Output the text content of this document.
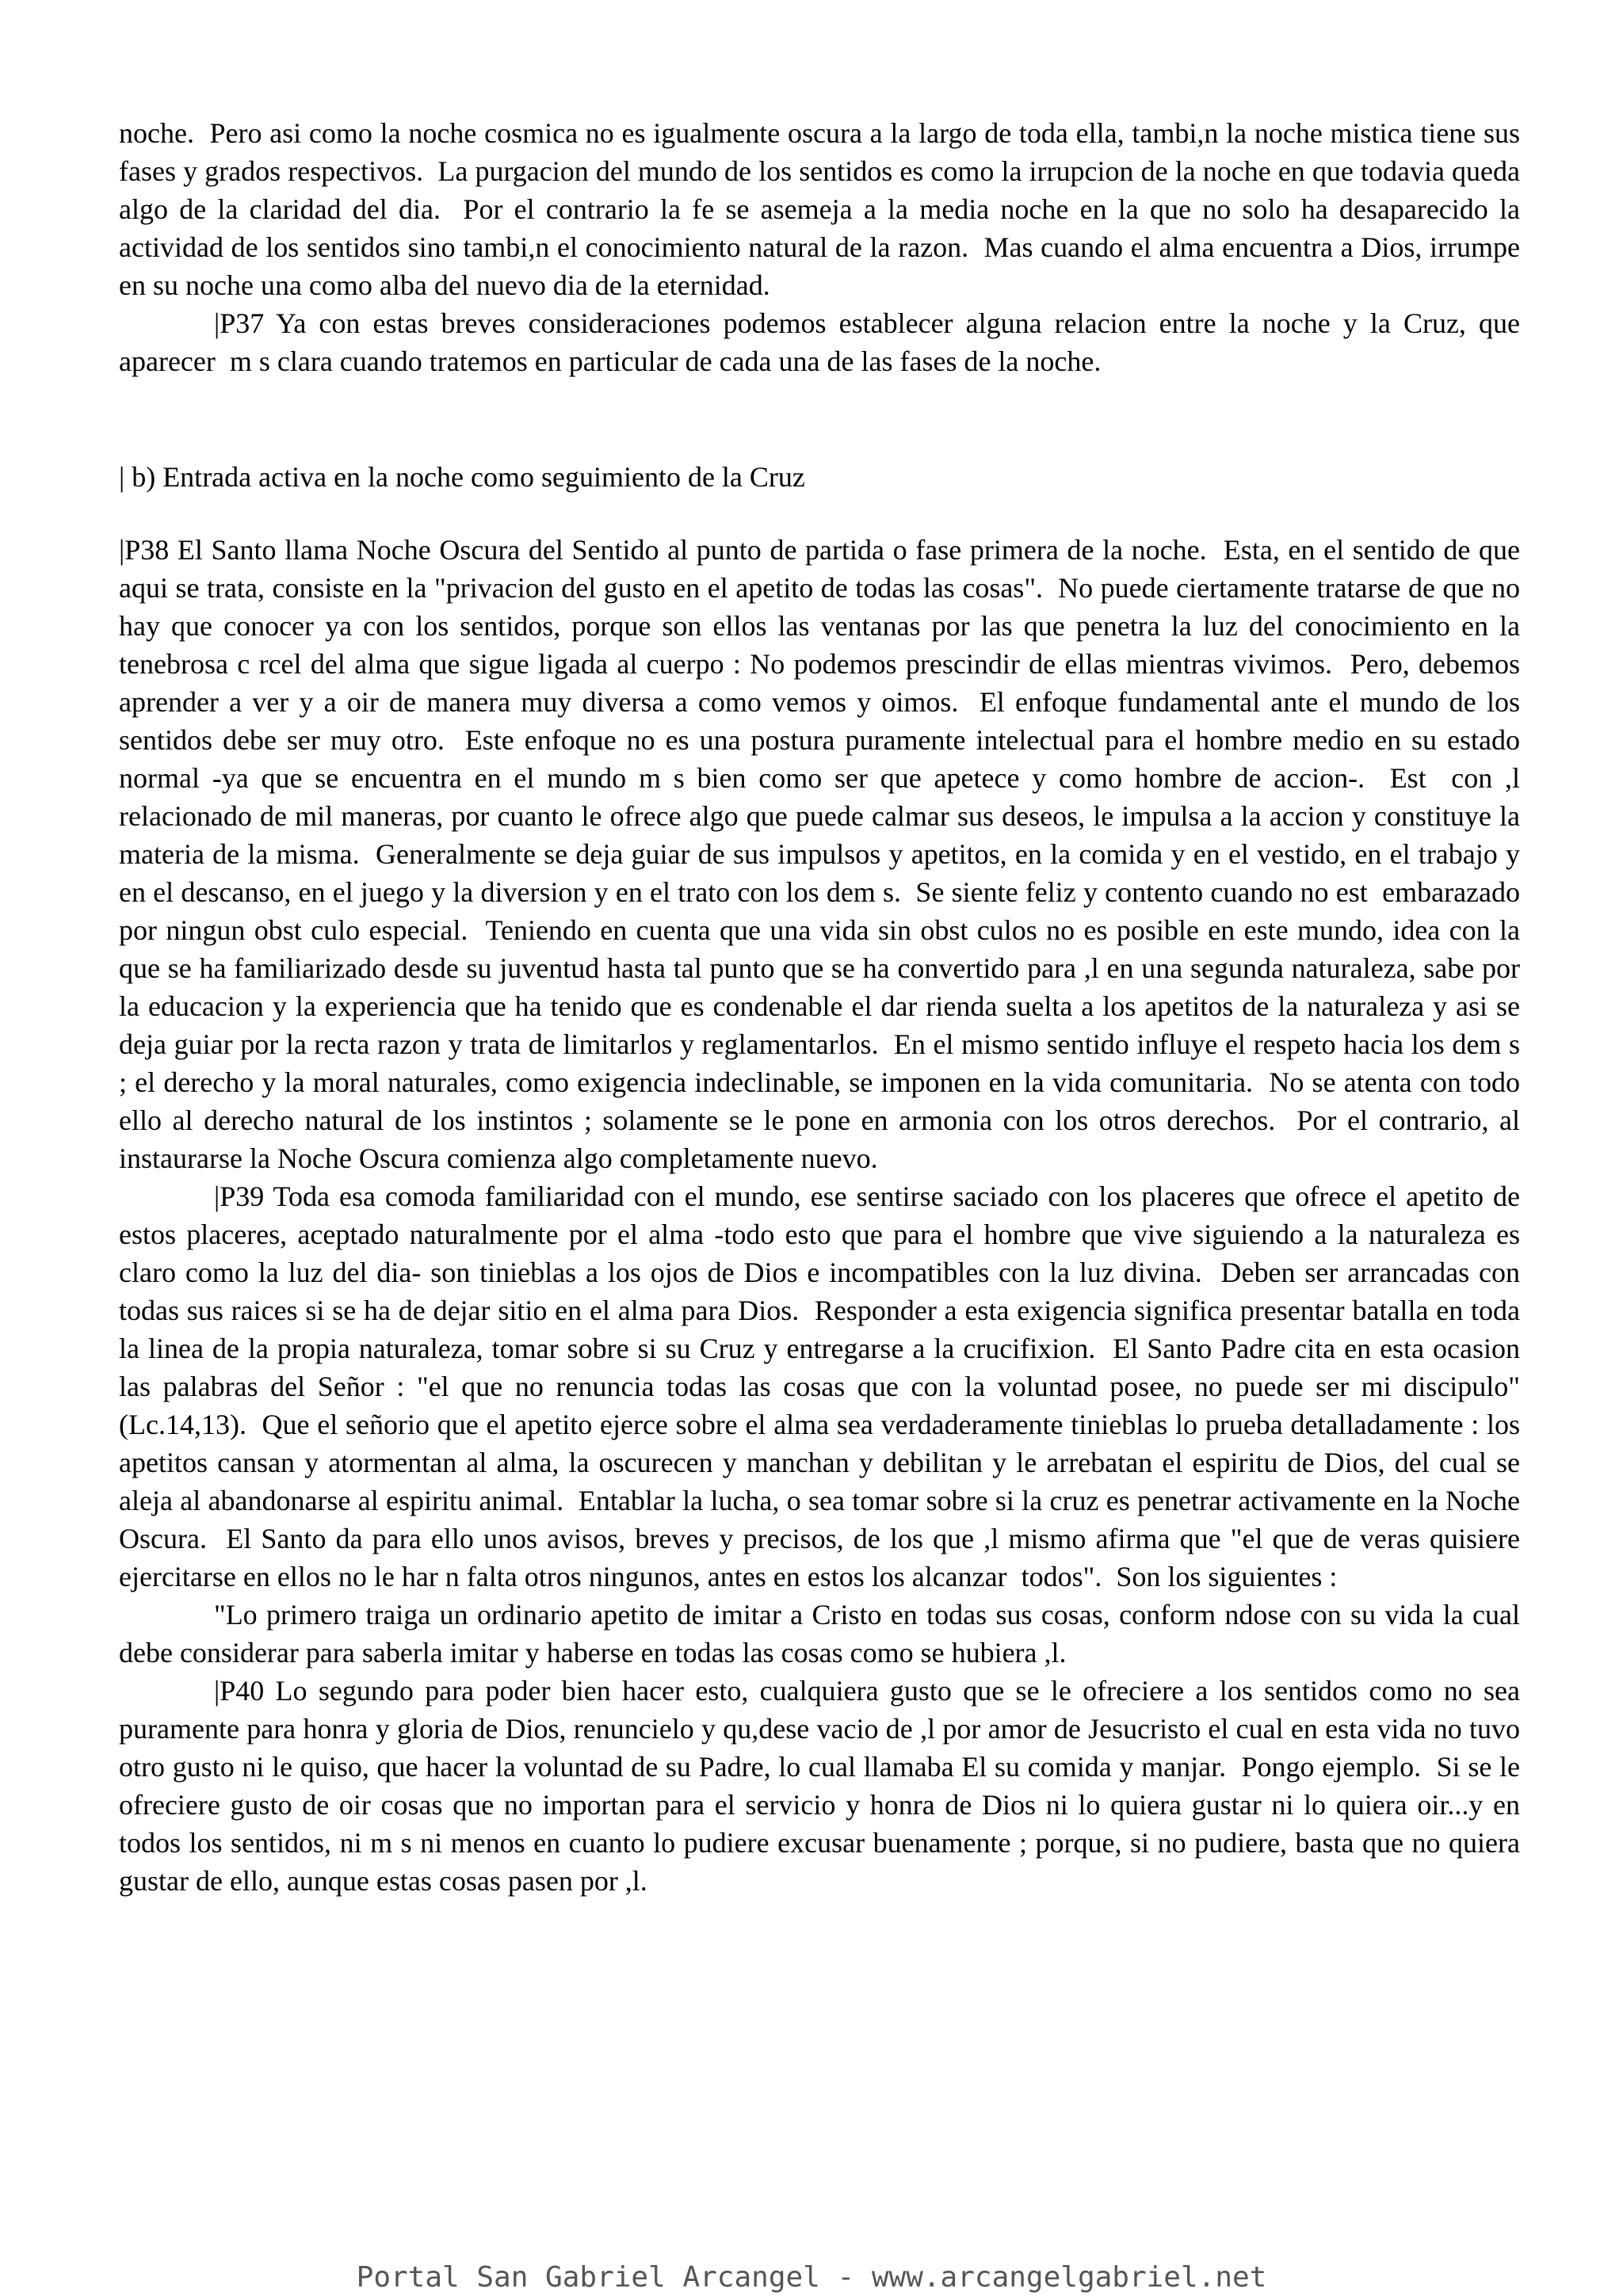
noche.  Pero asi como la noche cosmica no es igualmente oscura a la largo de toda ella, tambi,n la noche mistica tiene sus fases y grados respectivos.  La purgacion del mundo de los sentidos es como la irrupcion de la noche en que todavia queda algo de la claridad del dia.  Por el contrario la fe se asemeja a la media noche en la que no solo ha desaparecido la actividad de los sentidos sino tambi,n el conocimiento natural de la razon.  Mas cuando el alma encuentra a Dios, irrumpe en su noche una como alba del nuevo dia de la eternidad.

|P37 Ya con estas breves consideraciones podemos establecer alguna relacion entre la noche y la Cruz, que aparecer  m s clara cuando tratemos en particular de cada una de las fases de la noche.

| b) Entrada activa en la noche como seguimiento de la Cruz

|P38 El Santo llama Noche Oscura del Sentido al punto de partida o fase primera de la noche.  Esta, en el sentido de que aqui se trata, consiste en la "privacion del gusto en el apetito de todas las cosas".  No puede ciertamente tratarse de que no hay que conocer ya con los sentidos, porque son ellos las ventanas por las que penetra la luz del conocimiento en la tenebrosa c rcel del alma que sigue ligada al cuerpo : No podemos prescindir de ellas mientras vivimos.  Pero, debemos aprender a ver y a oir de manera muy diversa a como vemos y oimos.  El enfoque fundamental ante el mundo de los sentidos debe ser muy otro.  Este enfoque no es una postura puramente intelectual para el hombre medio en su estado normal -ya que se encuentra en el mundo m s bien como ser que apetece y como hombre de accion-.  Est  con ,l relacionado de mil maneras, por cuanto le ofrece algo que puede calmar sus deseos, le impulsa a la accion y constituye la materia de la misma.  Generalmente se deja guiar de sus impulsos y apetitos, en la comida y en el vestido, en el trabajo y en el descanso, en el juego y la diversion y en el trato con los dem s.  Se siente feliz y contento cuando no est  embarazado por ningun obst culo especial.  Teniendo en cuenta que una vida sin obst culos no es posible en este mundo, idea con la que se ha familiarizado desde su juventud hasta tal punto que se ha convertido para ,l en una segunda naturaleza, sabe por la educacion y la experiencia que ha tenido que es condenable el dar rienda suelta a los apetitos de la naturaleza y asi se deja guiar por la recta razon y trata de limitarlos y reglamentarlos.  En el mismo sentido influye el respeto hacia los dem s ; el derecho y la moral naturales, como exigencia indeclinable, se imponen en la vida comunitaria.  No se atenta con todo ello al derecho natural de los instintos ; solamente se le pone en armonia con los otros derechos.  Por el contrario, al instaurarse la Noche Oscura comienza algo completamente nuevo.

|P39 Toda esa comoda familiaridad con el mundo, ese sentirse saciado con los placeres que ofrece el apetito de estos placeres, aceptado naturalmente por el alma -todo esto que para el hombre que vive siguiendo a la naturaleza es claro como la luz del dia- son tinieblas a los ojos de Dios e incompatibles con la luz divina.  Deben ser arrancadas con todas sus raices si se ha de dejar sitio en el alma para Dios.  Responder a esta exigencia significa presentar batalla en toda la linea de la propia naturaleza, tomar sobre si su Cruz y entregarse a la crucifixion.  El Santo Padre cita en esta ocasion las palabras del Señor : "el que no renuncia todas las cosas que con la voluntad posee, no puede ser mi discipulo" (Lc.14,13).  Que el señorio que el apetito ejerce sobre el alma sea verdaderamente tinieblas lo prueba detalladamente : los apetitos cansan y atormentan al alma, la oscurecen y manchan y debilitan y le arrebatan el espiritu de Dios, del cual se aleja al abandonarse al espiritu animal.  Entablar la lucha, o sea tomar sobre si la cruz es penetrar activamente en la Noche Oscura.  El Santo da para ello unos avisos, breves y precisos, de los que ,l mismo afirma que "el que de veras quisiere ejercitarse en ellos no le har n falta otros ningunos, antes en estos los alcanzar  todos".  Son los siguientes :

"Lo primero traiga un ordinario apetito de imitar a Cristo en todas sus cosas, conform ndose con su vida la cual debe considerar para saberla imitar y haberse en todas las cosas como se hubiera ,l.

|P40 Lo segundo para poder bien hacer esto, cualquiera gusto que se le ofreciere a los sentidos como no sea puramente para honra y gloria de Dios, renuncielo y qu,dese vacio de ,l por amor de Jesucristo el cual en esta vida no tuvo otro gusto ni le quiso, que hacer la voluntad de su Padre, lo cual llamaba El su comida y manjar.  Pongo ejemplo.  Si se le ofreciere gusto de oir cosas que no importan para el servicio y honra de Dios ni lo quiera gustar ni lo quiera oir...y en todos los sentidos, ni m s ni menos en cuanto lo pudiere excusar buenamente ; porque, si no pudiere, basta que no quiera gustar de ello, aunque estas cosas pasen por ,l.

Portal San Gabriel Arcangel - www.arcangelgabriel.net
